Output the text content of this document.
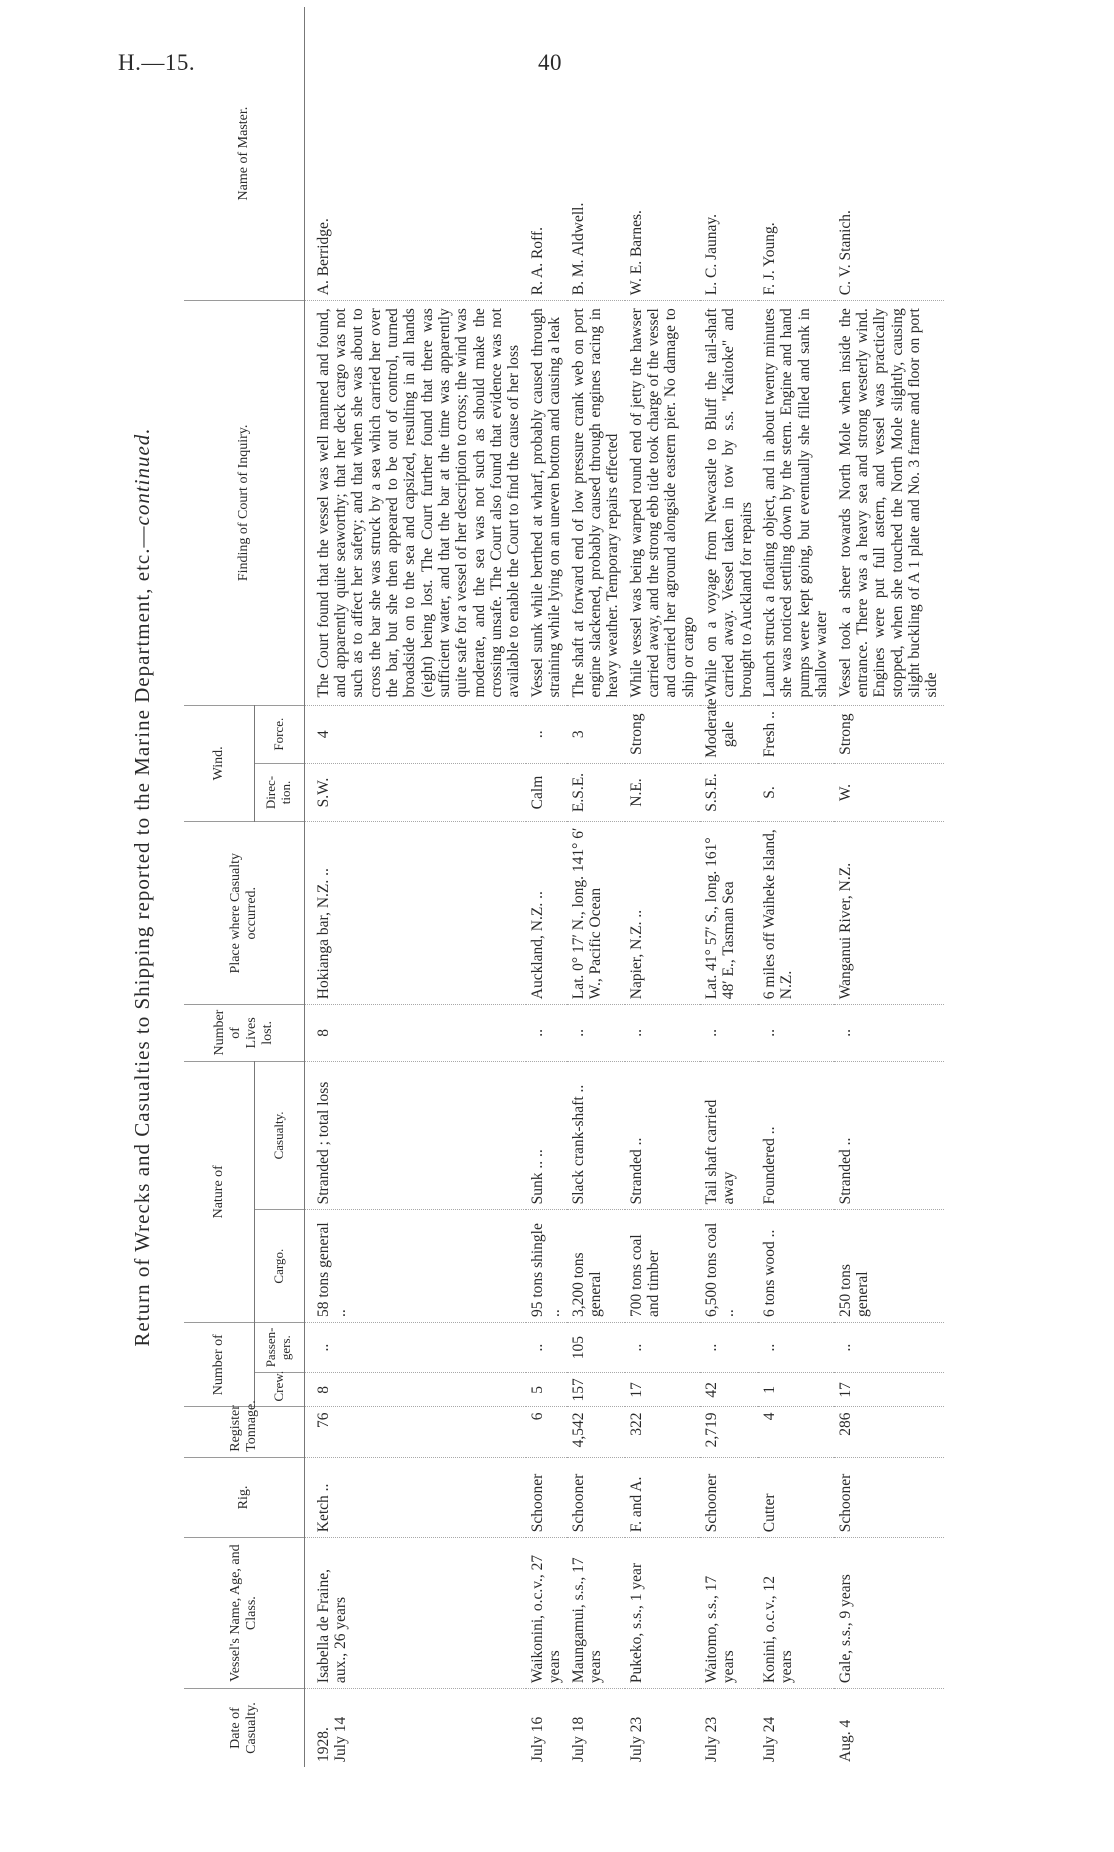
H.—15.	40
Return of Wrecks and Casualties to Shipping reported to the Marine Department, etc.—continued.
Date of Casualty.	Vessel's Name, Age, and Class.	Rig.	Register Tonnage.	Number of		Nature of		Number of Lives lost.	Place where Casualty occurred.	Wind.		Finding of Court of Inquiry.	Name of Master.
				Crew.	Passen-gers.	Cargo.	Casualty.			Direc-tion.	Force.		

1928. July 14	Isabella de Fraine, aux., 26 years	Ketch ..	76	8	..	58 tons general ..	Stranded ; total loss	8	Hokianga bar, N.Z. ..	S.W.	4	The Court found that the vessel was well manned and found, and apparently quite seaworthy; that her deck cargo was not such as to affect her safety; and that when she was about to cross the bar she was struck by a sea which carried her over the bar, but she then appeared to be out of control, turned broadside on to the sea and capsized, resulting in all hands (eight) being lost. The Court further found that there was sufficient water, and that the bar at the time was apparently quite safe for a vessel of her description to cross; the wind was moderate, and the sea was not such as should make the crossing unsafe. The Court also found that evidence was not available to enable the Court to find the cause of her loss	A. Berridge.
July 16	Waikonini, o.c.v., 27 years	Schooner	6	5	..	95 tons shingle ..	Sunk .. ..	..	Auckland, N.Z. ..	Calm	..	Vessel sunk while berthed at wharf, probably caused through straining while lying on an uneven bottom and causing a leak	R. A. Roff.
July 18	Maungamui, s.s., 17 years	Schooner	4,542	157	105	3,200 tons general	Slack crank-shaft ..	..	Lat. 0° 17′ N., long. 141° 6′ W., Pacific Ocean	E.S.E.	3	The shaft at forward end of low pressure crank web on port engine slackened, probably caused through engines racing in heavy weather. Temporary repairs effected	B. M. Aldwell.
July 23	Pukeko, s.s., 1 year	F. and A.	322	17	..	700 tons coal and timber	Stranded ..	..	Napier, N.Z. ..	N.E.	Strong	While vessel was being warped round end of jetty the hawser carried away, and the strong ebb tide took charge of the vessel and carried her aground alongside eastern pier. No damage to ship or cargo	W. E. Barnes.
July 23	Waitomo, s.s., 17 years	Schooner	2,719	42	..	6,500 tons coal ..	Tail shaft carried away	..	Lat. 41° 57′ S., long. 161° 48′ E., Tasman Sea	S.S.E.	Moderate gale	While on a voyage from Newcastle to Bluff the tail-shaft carried away. Vessel taken in tow by s.s. "Kaitoke" and brought to Auckland for repairs	L. C. Jaunay.
July 24	Konini, o.c.v., 12 years	Cutter	4	1	..	6 tons wood ..	Foundered ..	..	6 miles off Waiheke Island, N.Z.	S.	Fresh ..	Launch struck a floating object, and in about twenty minutes she was noticed settling down by the stern. Engine and hand pumps were kept going, but eventually she filled and sank in shallow water	F. J. Young.
Aug. 4	Gale, s.s., 9 years	Schooner	286	17	..	250 tons general	Stranded ..	..	Wanganui River, N.Z.	W.	Strong	Vessel took a sheer towards North Mole when inside the entrance. There was a heavy sea and strong westerly wind. Engines were put full astern, and vessel was practically stopped, when she touched the North Mole slightly, causing slight buckling of A 1 plate and No. 3 frame and floor on port side	C. V. Stanich.
